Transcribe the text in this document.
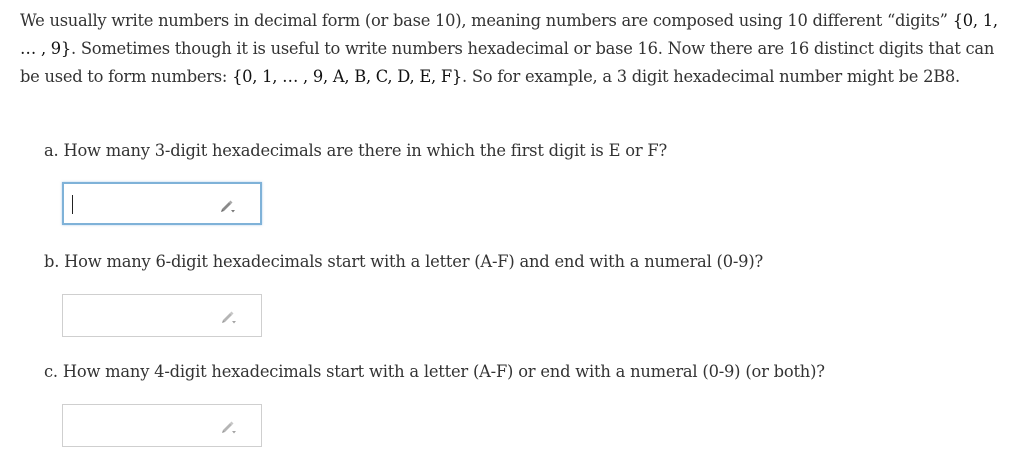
We usually write numbers in decimal form (or base 10), meaning numbers are composed using 10 different “digits” {0, 1, … , 9}. Sometimes though it is useful to write numbers hexadecimal or base 16. Now there are 16 distinct digits that can be used to form numbers: {0, 1, … , 9, A, B, C, D, E, F}. So for example, a 3 digit hexadecimal number might be 2B8.

a. How many 3-digit hexadecimals are there in which the first digit is E or F?

b. How many 6-digit hexadecimals start with a letter (A-F) and end with a numeral (0-9)?

c. How many 4-digit hexadecimals start with a letter (A-F) or end with a numeral (0-9) (or both)?
